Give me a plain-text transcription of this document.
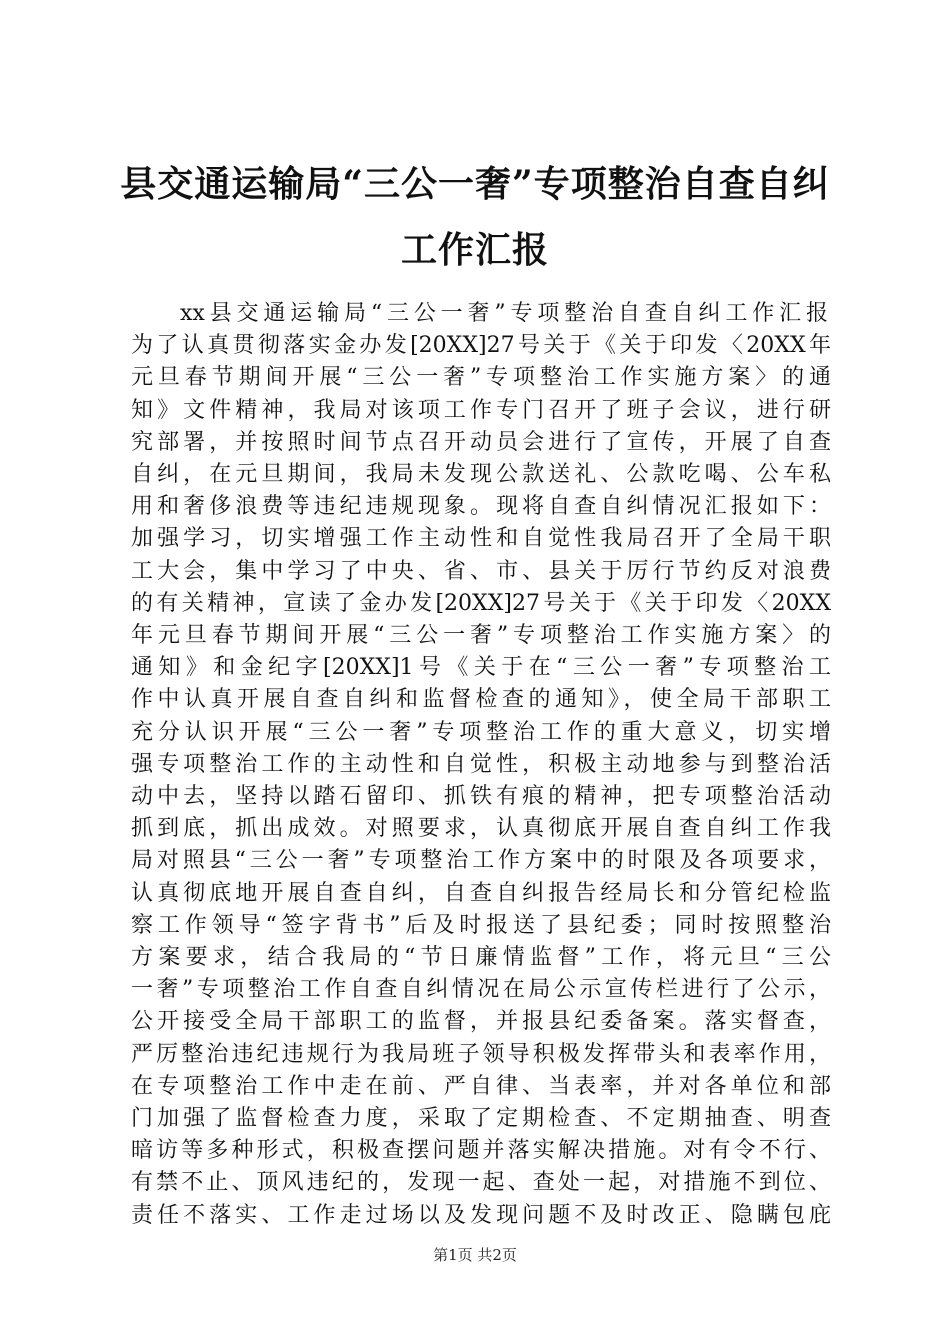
县交通运输局“三公一奢”专项整治自查自纠
工作汇报
xx县交通运输局“三公一奢”专项整治自查自纠工作汇报
为了认真贯彻落实金办发[20XX]27号关于《关于印发〈20XX年
元旦春节期间开展“三公一奢”专项整治工作实施方案〉的通
知》文件精神，我局对该项工作专门召开了班子会议，进行研
究部署，并按照时间节点召开动员会进行了宣传，开展了自查
自纠，在元旦期间，我局未发现公款送礼、公款吃喝、公车私
用和奢侈浪费等违纪违规现象。现将自查自纠情况汇报如下：
加强学习，切实增强工作主动性和自觉性我局召开了全局干职
工大会，集中学习了中央、省、市、县关于厉行节约反对浪费
的有关精神，宣读了金办发[20XX]27号关于《关于印发〈20XX
年元旦春节期间开展“三公一奢”专项整治工作实施方案〉的
通知》和金纪字[20XX]1号《关于在“三公一奢”专项整治工
作中认真开展自查自纠和监督检查的通知》，使全局干部职工
充分认识开展“三公一奢”专项整治工作的重大意义，切实增
强专项整治工作的主动性和自觉性，积极主动地参与到整治活
动中去，坚持以踏石留印、抓铁有痕的精神，把专项整治活动
抓到底，抓出成效。对照要求，认真彻底开展自查自纠工作我
局对照县“三公一奢”专项整治工作方案中的时限及各项要求，
认真彻底地开展自查自纠，自查自纠报告经局长和分管纪检监
察工作领导“签字背书”后及时报送了县纪委；同时按照整治
方案要求，结合我局的“节日廉情监督”工作，将元旦“三公
一奢”专项整治工作自查自纠情况在局公示宣传栏进行了公示，
公开接受全局干部职工的监督，并报县纪委备案。落实督查，
严厉整治违纪违规行为我局班子领导积极发挥带头和表率作用，
在专项整治工作中走在前、严自律、当表率，并对各单位和部
门加强了监督检查力度，采取了定期检查、不定期抽查、明查
暗访等多种形式，积极查摆问题并落实解决措施。对有令不行、
有禁不止、顶风违纪的，发现一起、查处一起，对措施不到位、
责任不落实、工作走过场以及发现问题不及时改正、隐瞒包庇
第1页 共2页
